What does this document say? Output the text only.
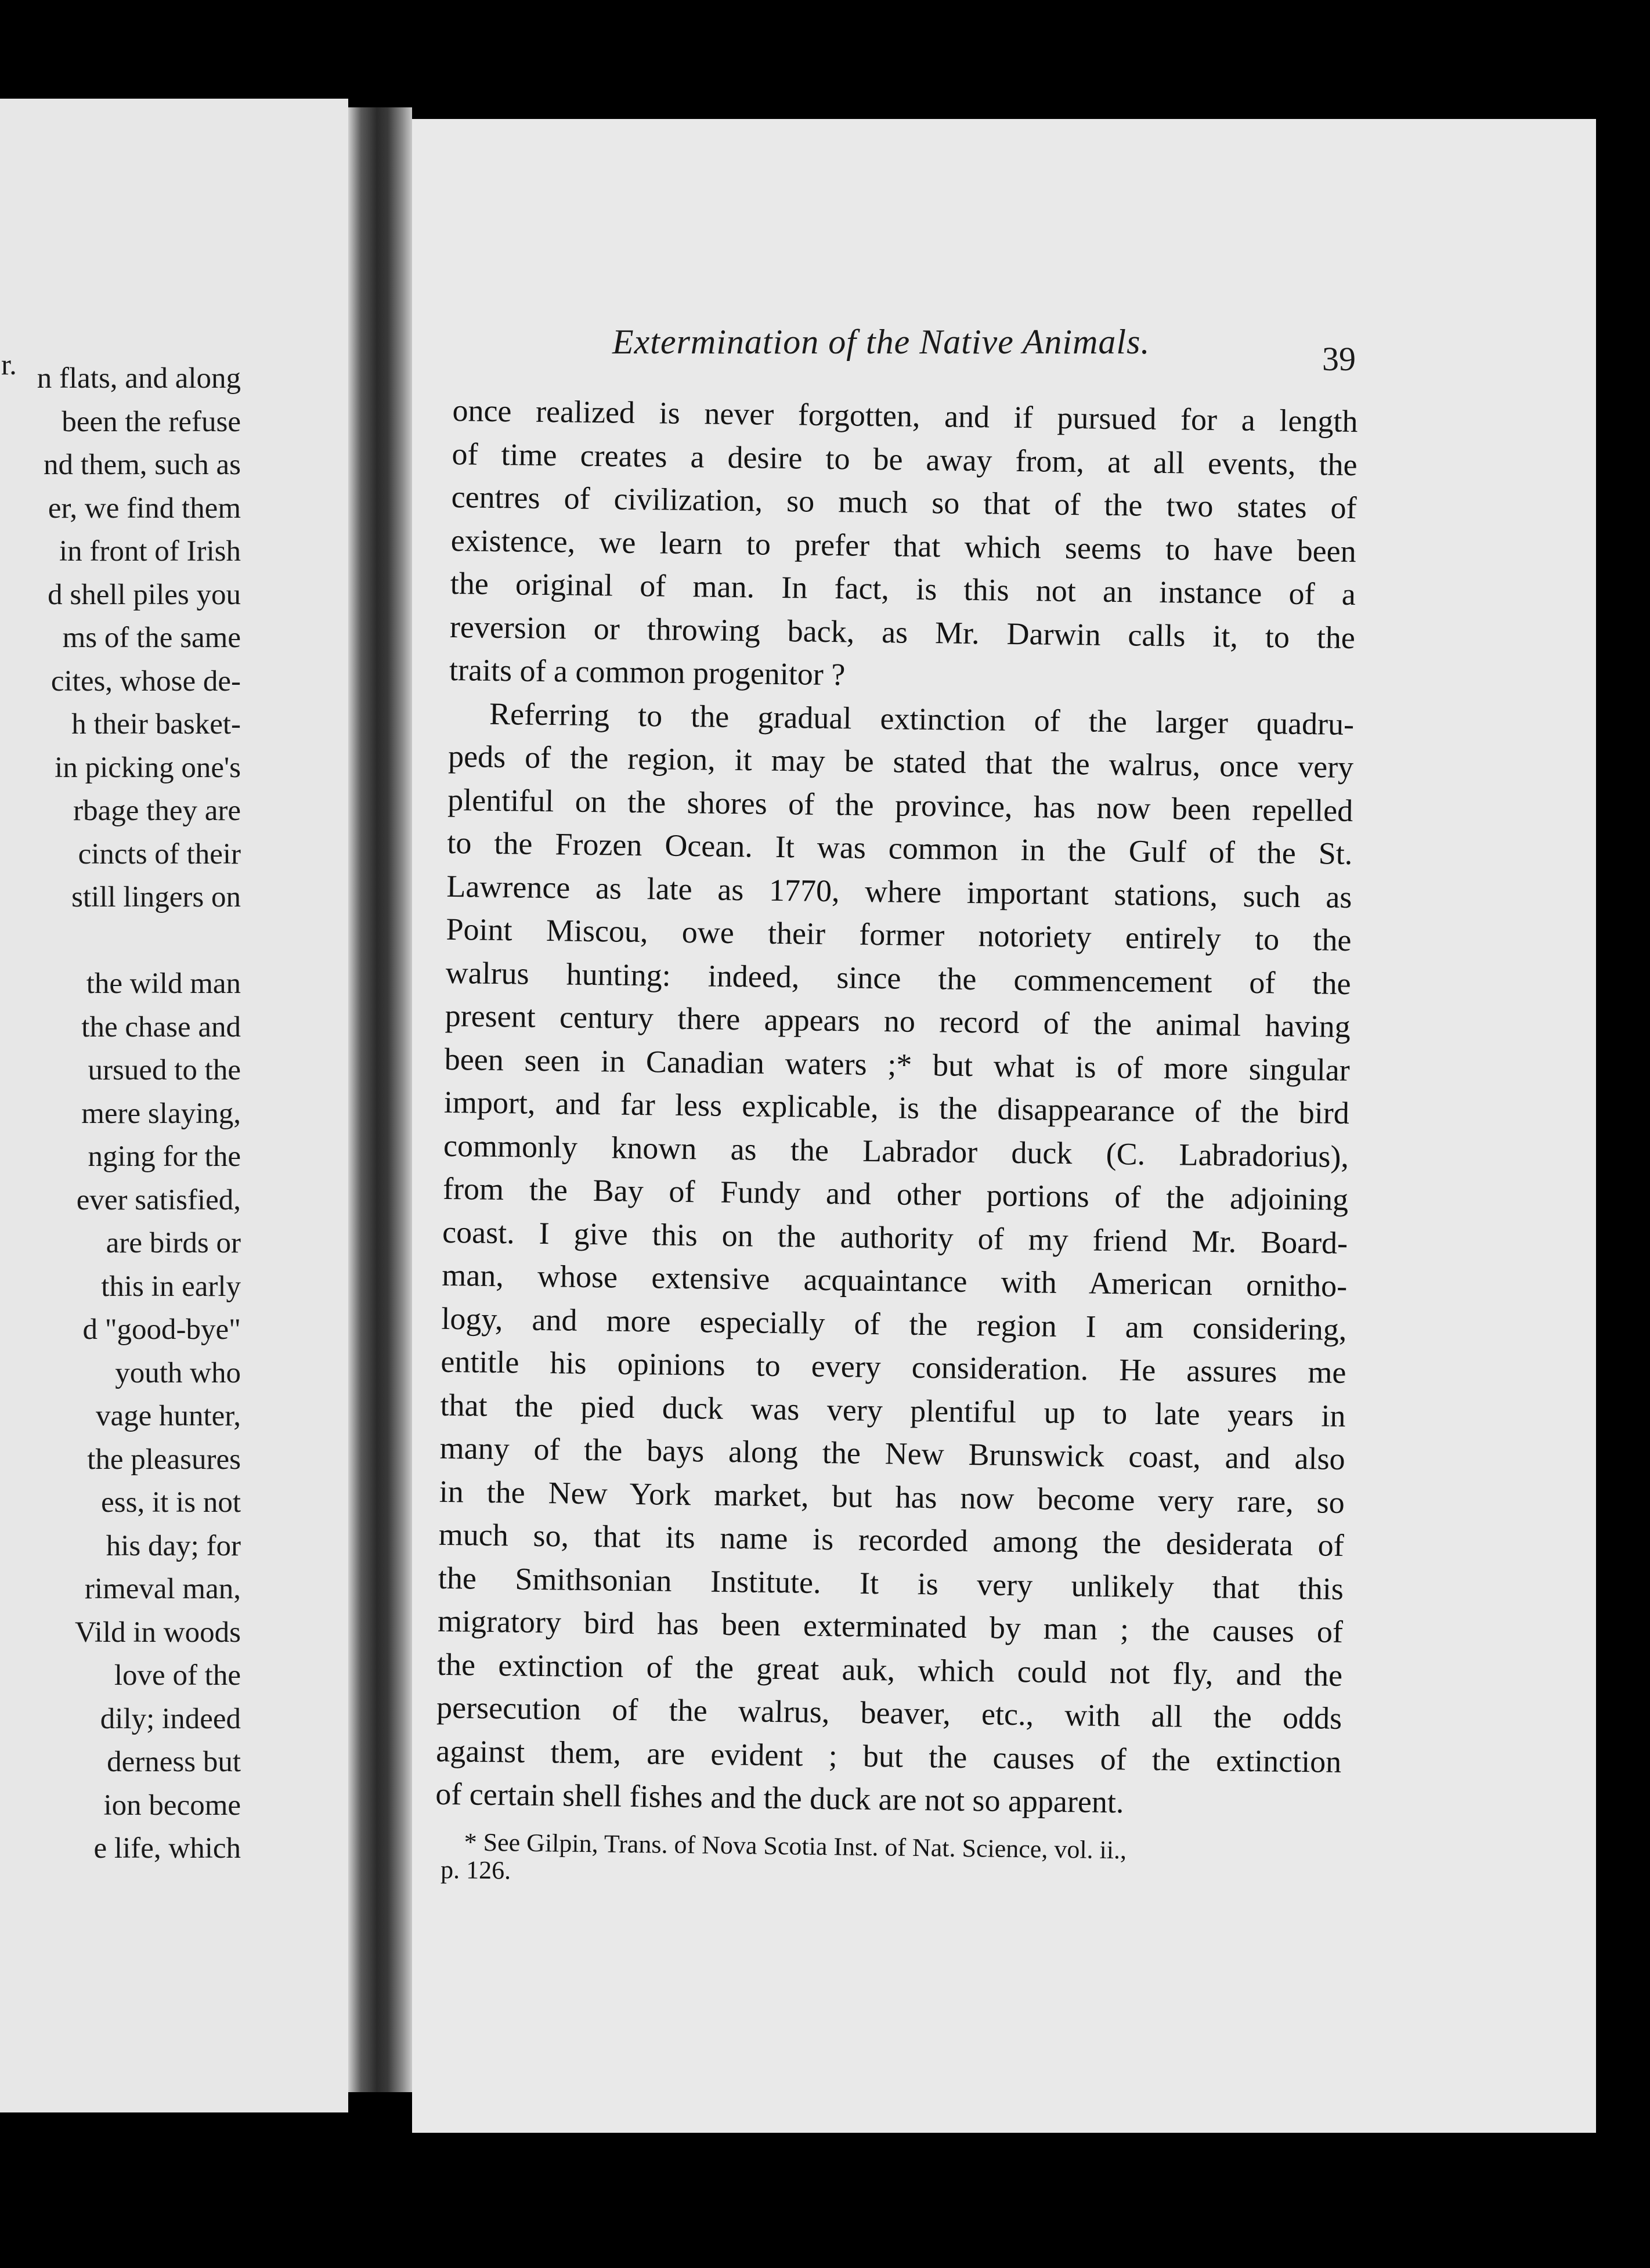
r. n flats, and along
been the refuse
nd them, such as
er, we find them
in front of Irish
d shell piles you
ms of the same
cites, whose de-
h their basket-
in picking one's
rbage they are
cincts of their
still lingers on
the wild man
the chase and
ursued to the
mere slaying,
nging for the
ever satisfied,
are birds or
this in early
d "good-bye"
youth who
vage hunter,
the pleasures
ess, it is not
his day; for
rimeval man,
Vild in woods
love of the
dily; indeed
derness but
ion become
e life, which
Extermination of the Native Animals.	39

once realized is never forgotten, and if pursued for a length

of time creates a desire to be away from, at all events, the

centres of civilization, so much so that of the two states of

existence, we learn to prefer that which seems to have been

the original of man. In fact, is this not an instance of a

reversion or throwing back, as Mr. Darwin calls it, to the

traits of a common progenitor ?

Referring to the gradual extinction of the larger quadru-

peds of the region, it may be stated that the walrus, once very

plentiful on the shores of the province, has now been repelled

to the Frozen Ocean. It was common in the Gulf of the St.

Lawrence as late as 1770, where important stations, such as

Point Miscou, owe their former notoriety entirely to the

walrus hunting: indeed, since the commencement of the

present century there appears no record of the animal having

been seen in Canadian waters ;* but what is of more singular

import, and far less explicable, is the disappearance of the bird

commonly known as the Labrador duck (C. Labradorius),

from the Bay of Fundy and other portions of the adjoining

coast. I give this on the authority of my friend Mr. Board-

man, whose extensive acquaintance with American ornitho-

logy, and more especially of the region I am considering,

entitle his opinions to every consideration. He assures me

that the pied duck was very plentiful up to late years in

many of the bays along the New Brunswick coast, and also

in the New York market, but has now become very rare, so

much so, that its name is recorded among the desiderata of

the Smithsonian Institute. It is very unlikely that this

migratory bird has been exterminated by man ; the causes of

the extinction of the great auk, which could not fly, and the

persecution of the walrus, beaver, etc., with all the odds

against them, are evident ; but the causes of the extinction

of certain shell fishes and the duck are not so apparent.

* See Gilpin, Trans. of Nova Scotia Inst. of Nat. Science, vol. ii.,

p. 126.
